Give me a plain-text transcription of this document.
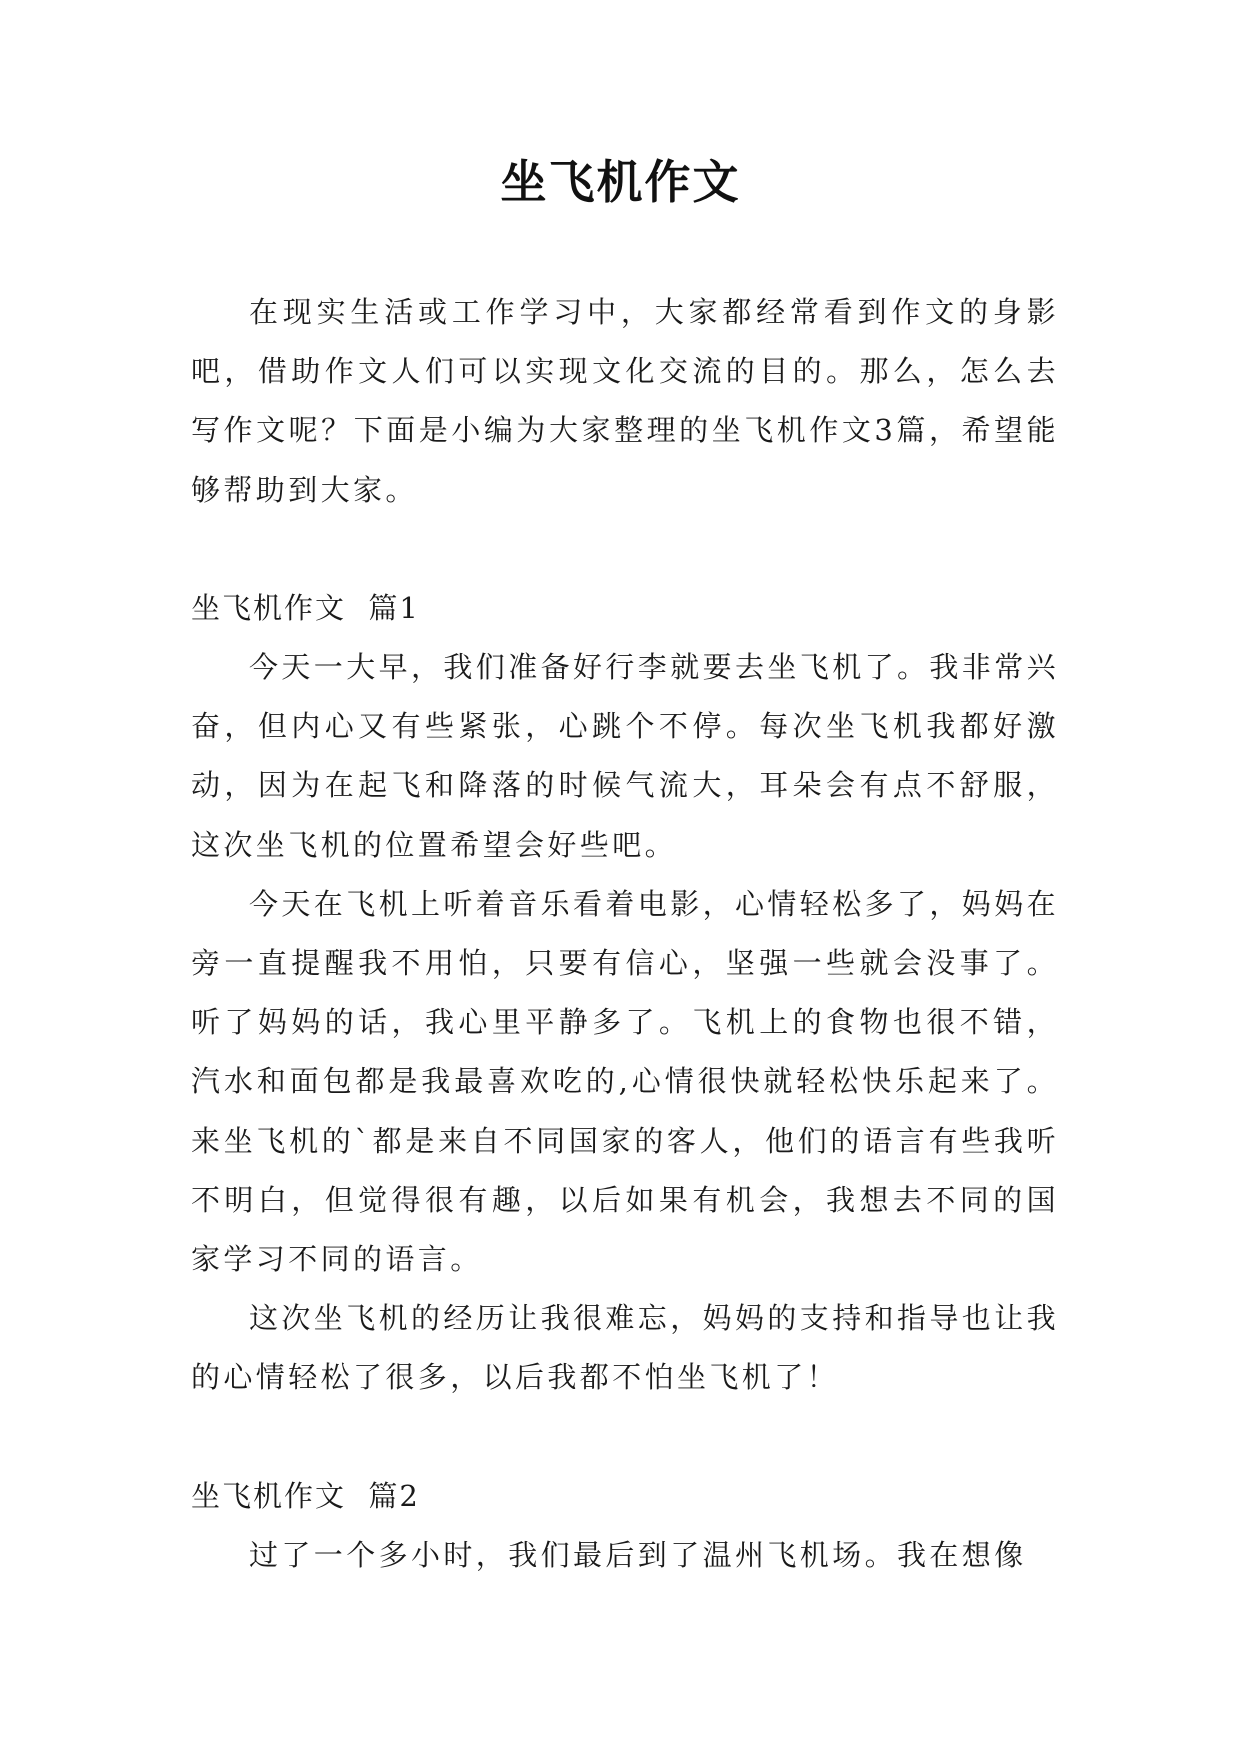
坐飞机作文

在现实生活或工作学习中，大家都经常看到作文的身影吧，借助作文人们可以实现文化交流的目的。那么，怎么去写作文呢？下面是小编为大家整理的坐飞机作文3篇，希望能够帮助到大家。

坐飞机作文  篇1

今天一大早，我们准备好行李就要去坐飞机了。我非常兴奋，但内心又有些紧张，心跳个不停。每次坐飞机我都好激动，因为在起飞和降落的时候气流大，耳朵会有点不舒服，这次坐飞机的位置希望会好些吧。

今天在飞机上听着音乐看着电影，心情轻松多了，妈妈在旁一直提醒我不用怕，只要有信心，坚强一些就会没事了。听了妈妈的话，我心里平静多了。飞机上的食物也很不错，汽水和面包都是我最喜欢吃的,心情很快就轻松快乐起来了。来坐飞机的`都是来自不同国家的客人，他们的语言有些我听不明白，但觉得很有趣，以后如果有机会，我想去不同的国家学习不同的语言。

这次坐飞机的经历让我很难忘，妈妈的支持和指导也让我的心情轻松了很多，以后我都不怕坐飞机了！

坐飞机作文  篇2

过了一个多小时，我们最后到了温州飞机场。我在想像
